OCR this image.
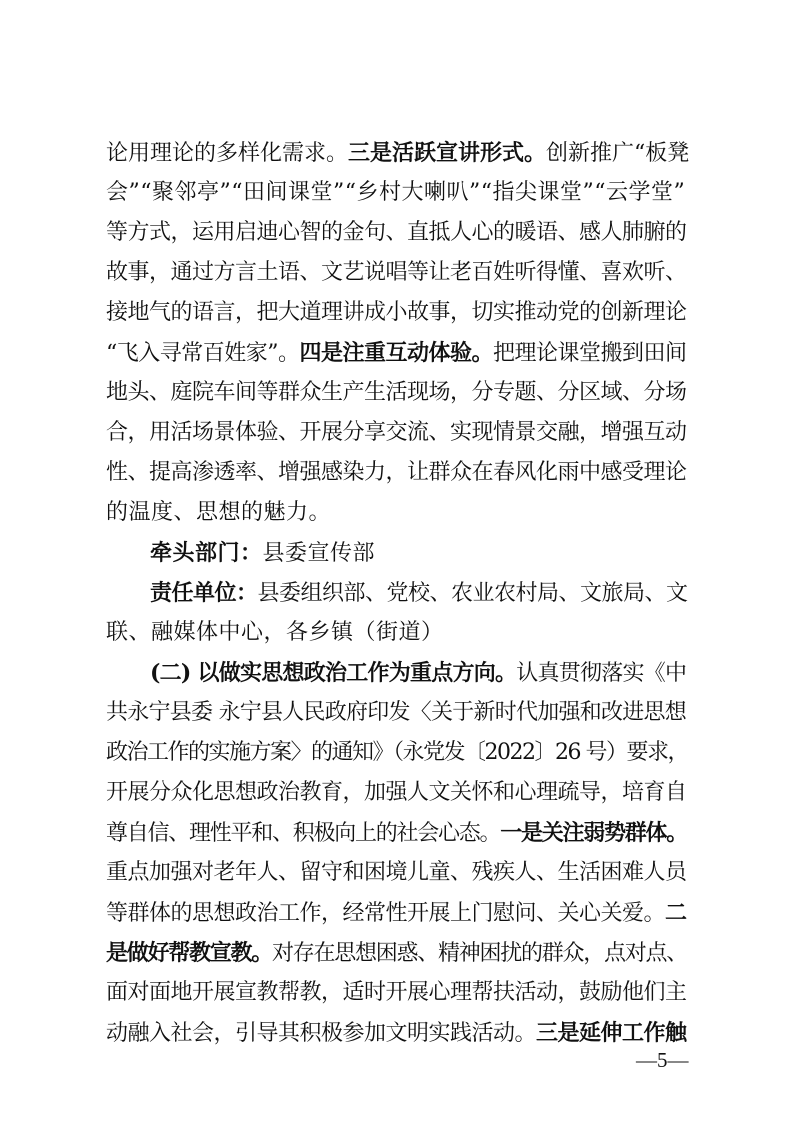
论用理论的多样化需求。三是活跃宣讲形式。创新推广“板凳
会”“聚邻亭”“田间课堂”“乡村大喇叭”“指尖课堂”“云学堂”
等方式，运用启迪心智的金句、直抵人心的暖语、感人肺腑的
故事，通过方言土语、文艺说唱等让老百姓听得懂、喜欢听、
接地气的语言，把大道理讲成小故事，切实推动党的创新理论
“飞入寻常百姓家”。四是注重互动体验。把理论课堂搬到田间
地头、庭院车间等群众生产生活现场，分专题、分区域、分场
合，用活场景体验、开展分享交流、实现情景交融，增强互动
性、提高渗透率、增强感染力，让群众在春风化雨中感受理论
的温度、思想的魅力。
牵头部门：县委宣传部
责任单位：县委组织部、党校、农业农村局、文旅局、文
联、融媒体中心，各乡镇（街道）
(二) 以做实思想政治工作为重点方向。认真贯彻落实《中
共永宁县委 永宁县人民政府印发〈关于新时代加强和改进思想
政治工作的实施方案〉的通知》（永党发〔2022〕26 号）要求，
开展分众化思想政治教育，加强人文关怀和心理疏导，培育自
尊自信、理性平和、积极向上的社会心态。一是关注弱势群体。
重点加强对老年人、留守和困境儿童、残疾人、生活困难人员
等群体的思想政治工作，经常性开展上门慰问、关心关爱。二
是做好帮教宣教。对存在思想困惑、精神困扰的群众，点对点、
面对面地开展宣教帮教，适时开展心理帮扶活动，鼓励他们主
动融入社会，引导其积极参加文明实践活动。三是延伸工作触
—5—
